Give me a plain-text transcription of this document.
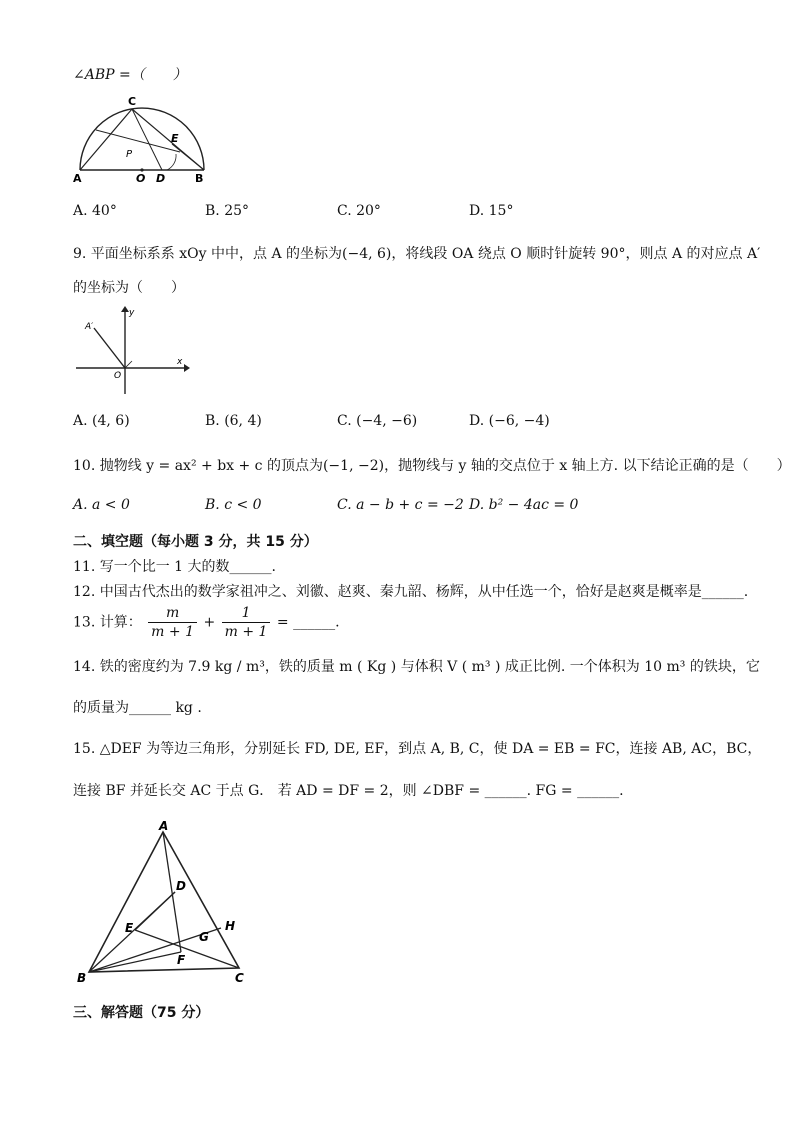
∠ABP =（　　）
C
A	O D	B
E
P
A. 40°	B. 25°	C. 20°	D. 15°
9. 平面坐标系系 xOy 中中，点 A 的坐标为(−4, 6)，将线段 OA 绕点 O 顺时针旋转 90°，则点 A 的对应点 A′
的坐标为（　　）
A′
y
x
O
A. (4, 6)	B. (6, 4)	C. (−4, −6)	D. (−6, −4)
10. 抛物线 y = ax² + bx + c 的顶点为(−1, −2)，抛物线与 y 轴的交点位于 x 轴上方. 以下结论正确的是（　　）
A. a < 0	B. c < 0	C. a − b + c = −2 D. b² − 4ac = 0
二、填空题（每小题 3 分，共 15 分）
11. 写一个比一 1 大的数______.
12. 中国古代杰出的数学家祖冲之、刘徽、赵爽、秦九韶、杨辉，从中任选一个，恰好是赵爽是概率是______.
13. 计算： $\frac{m}{m + 1} + \frac{1}{m + 1}$ = ______.
14. 铁的密度约为 7.9 kg / m³，铁的质量 m ( Kg ) 与体积 V ( m³ ) 成正比例. 一个体积为 10 m³ 的铁块，它
的质量为______ kg .
15. △DEF 为等边三角形，分别延长 FD, DE, EF，到点 A, B, C，使 DA = EB = FC，连接 AB, AC，BC，
连接 BF 并延长交 AC 于点 G． 若 AD = DF = 2，则 ∠DBF = ______. FG = ______.
A
D
E
G
H
F
B	C
三、解答题（75 分）
